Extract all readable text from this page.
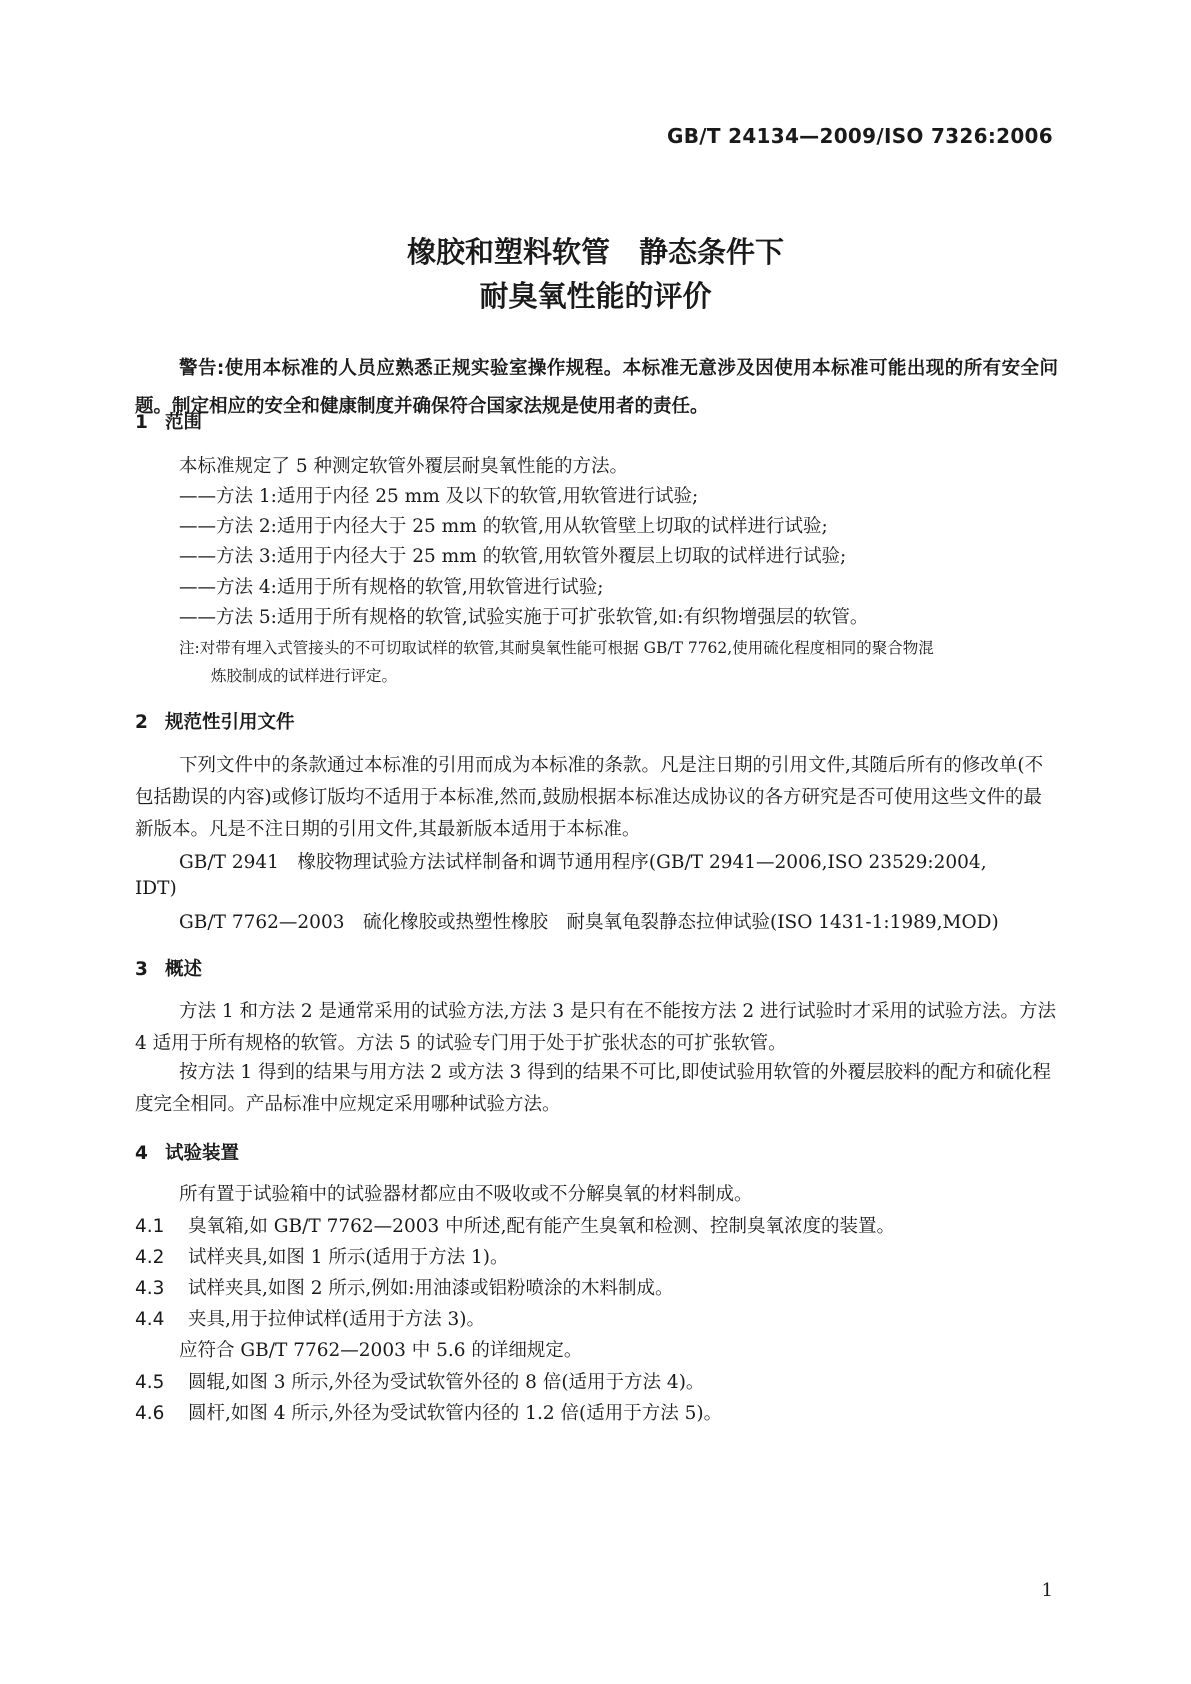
GB/T 24134—2009/ISO 7326:2006
橡胶和塑料软管　静态条件下
耐臭氧性能的评价
警告:使用本标准的人员应熟悉正规实验室操作规程。本标准无意涉及因使用本标准可能出现的所有安全问题。制定相应的安全和健康制度并确保符合国家法规是使用者的责任。
1 范围
本标准规定了 5 种测定软管外覆层耐臭氧性能的方法。
——方法 1:适用于内径 25 mm 及以下的软管,用软管进行试验;
——方法 2:适用于内径大于 25 mm 的软管,用从软管壁上切取的试样进行试验;
——方法 3:适用于内径大于 25 mm 的软管,用软管外覆层上切取的试样进行试验;
——方法 4:适用于所有规格的软管,用软管进行试验;
——方法 5:适用于所有规格的软管,试验实施于可扩张软管,如:有织物增强层的软管。
注:对带有埋入式管接头的不可切取试样的软管,其耐臭氧性能可根据 GB/T 7762,使用硫化程度相同的聚合物混
炼胶制成的试样进行评定。
2 规范性引用文件
下列文件中的条款通过本标准的引用而成为本标准的条款。凡是注日期的引用文件,其随后所有的修改单(不包括勘误的内容)或修订版均不适用于本标准,然而,鼓励根据本标准达成协议的各方研究是否可使用这些文件的最新版本。凡是不注日期的引用文件,其最新版本适用于本标准。
GB/T 2941　橡胶物理试验方法试样制备和调节通用程序(GB/T 2941—2006,ISO 23529:2004,
IDT)
GB/T 7762—2003　硫化橡胶或热塑性橡胶　耐臭氧龟裂静态拉伸试验(ISO 1431-1:1989,MOD)
3 概述
方法 1 和方法 2 是通常采用的试验方法,方法 3 是只有在不能按方法 2 进行试验时才采用的试验方法。方法 4 适用于所有规格的软管。方法 5 的试验专门用于处于扩张状态的可扩张软管。
按方法 1 得到的结果与用方法 2 或方法 3 得到的结果不可比,即使试验用软管的外覆层胶料的配方和硫化程度完全相同。产品标准中应规定采用哪种试验方法。
4 试验装置
所有置于试验箱中的试验器材都应由不吸收或不分解臭氧的材料制成。
4.1 臭氧箱,如 GB/T 7762—2003 中所述,配有能产生臭氧和检测、控制臭氧浓度的装置。
4.2 试样夹具,如图 1 所示(适用于方法 1)。
4.3 试样夹具,如图 2 所示,例如:用油漆或铝粉喷涂的木料制成。
4.4 夹具,用于拉伸试样(适用于方法 3)。
应符合 GB/T 7762—2003 中 5.6 的详细规定。
4.5 圆辊,如图 3 所示,外径为受试软管外径的 8 倍(适用于方法 4)。
4.6 圆杆,如图 4 所示,外径为受试软管内径的 1.2 倍(适用于方法 5)。
1
